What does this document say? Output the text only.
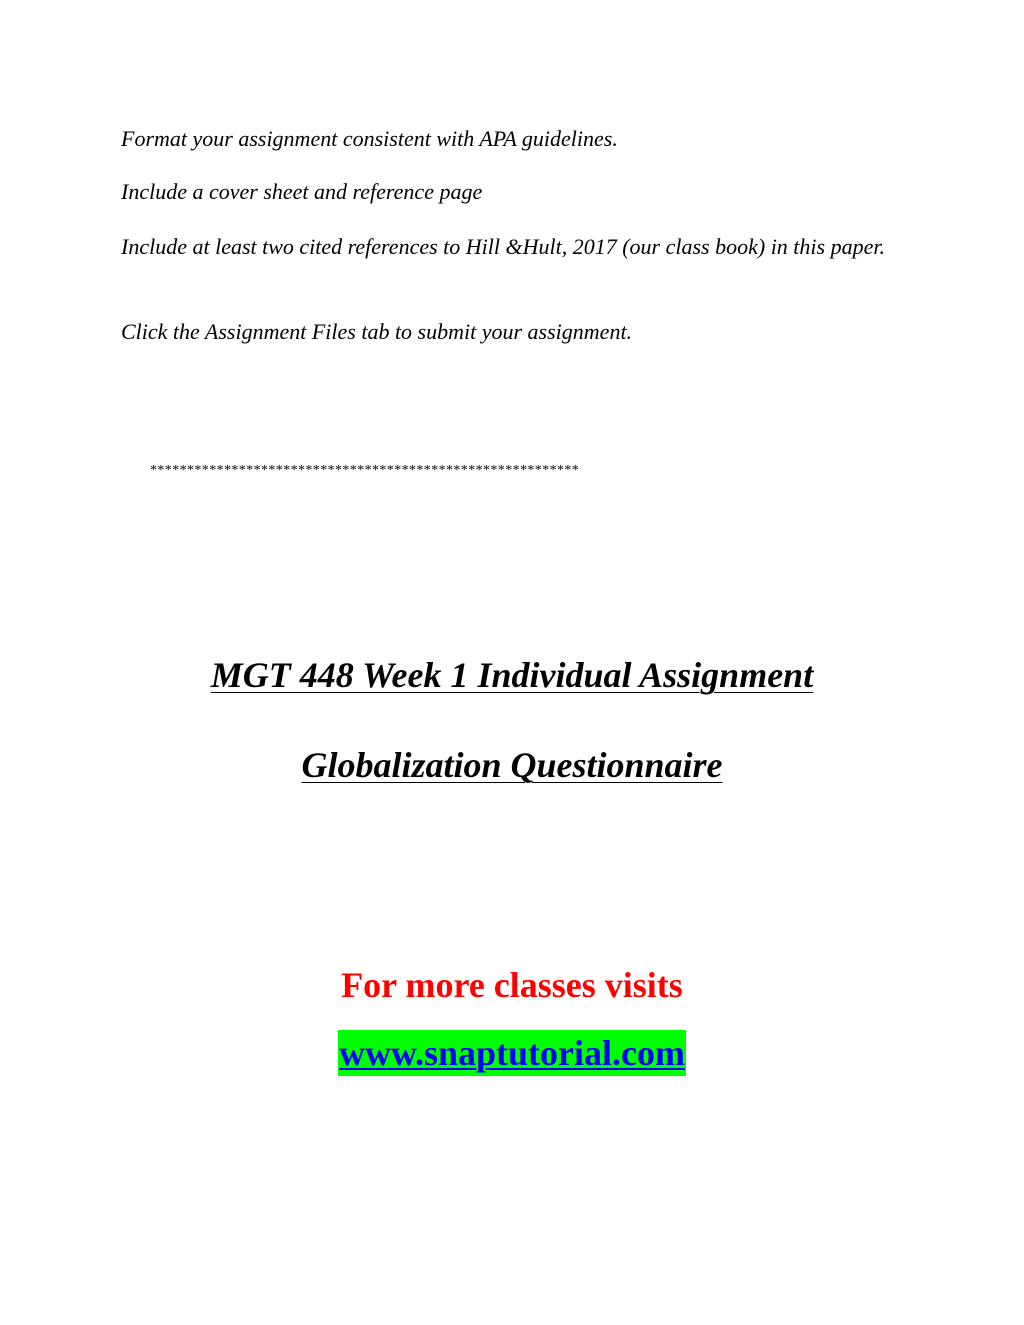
Format your assignment consistent with APA guidelines.

Include a cover sheet and reference page

Include at least two cited references to Hill &Hult, 2017 (our class book) in this paper.

Click the Assignment Files tab to submit your assignment.

**********************************************************

MGT 448 Week 1 Individual Assignment
Globalization Questionnaire

For more classes visits

www.snaptutorial.com
